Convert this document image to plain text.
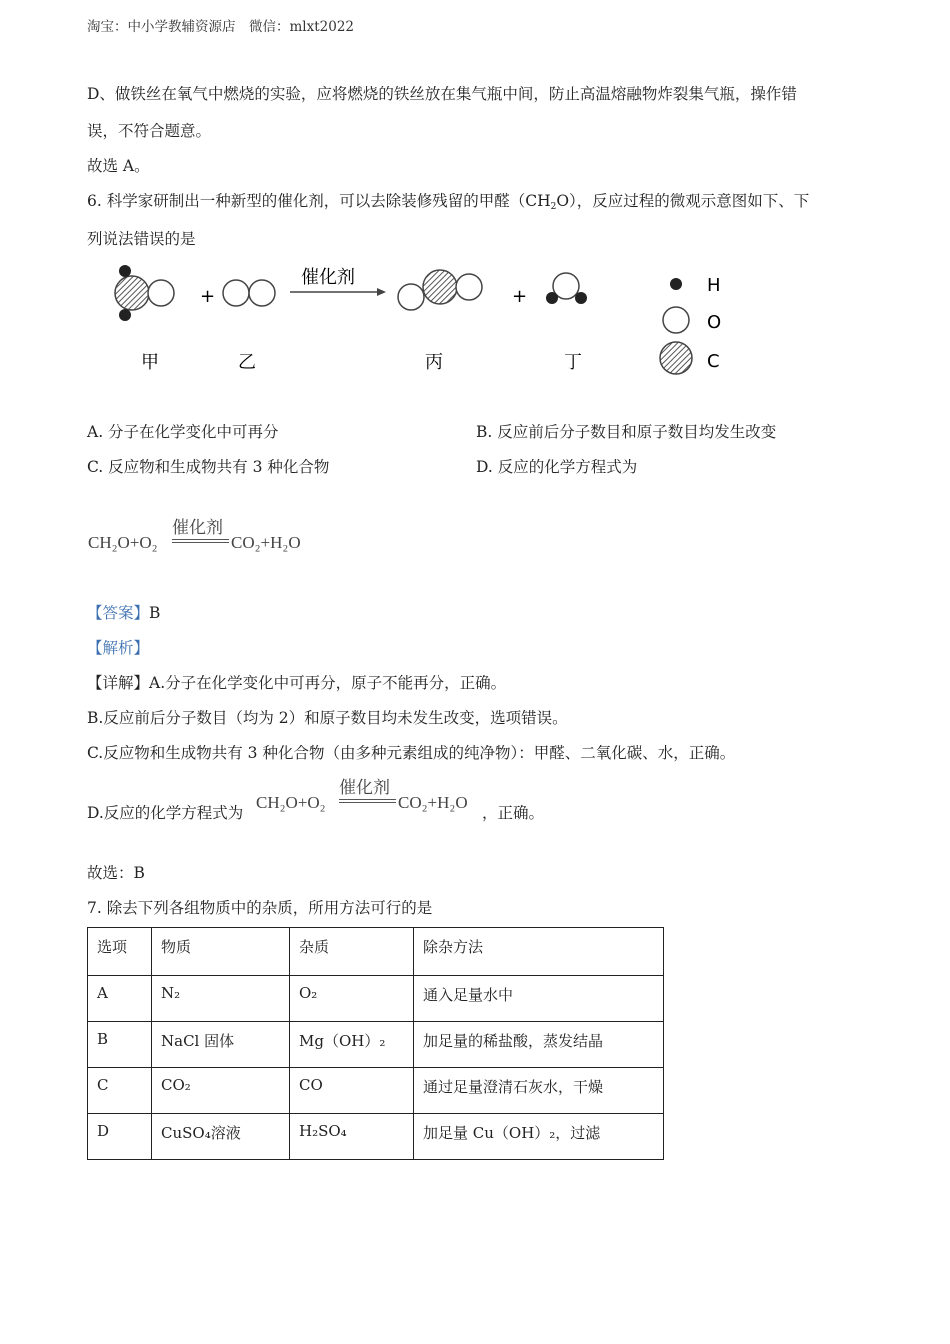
淘宝：中小学教辅资源店　微信：mlxt2022
D、做铁丝在氧气中燃烧的实验，应将燃烧的铁丝放在集气瓶中间，防止高温熔融物炸裂集气瓶，操作错
误，不符合题意。
故选 A。
6. 科学家研制出一种新型的催化剂，可以去除装修残留的甲醛$(CH_2O)$，反应过程的微观示意图如下、下
列说法错误的是
+
催化剂
+
甲	乙	丙	丁
H
O
C
A. 分子在化学变化中可再分	B. 反应前后分子数目和原子数目均发生改变
C. 反应物和生成物共有 3 种化合物	D. 反应的化学方程式为
CH₂O+O₂
催化剂
CO₂+H₂O
【答案】B
【解析】
【详解】A.分子在化学变化中可再分，原子不能再分，正确。
B.反应前后分子数目（均为 2）和原子数目均未发生改变，选项错误。
C.反应物和生成物共有 3 种化合物（由多种元素组成的纯净物）：甲醛、二氧化碳、水，正确。
D.反应的化学方程式为
CH₂O+O₂
催化剂
CO₂+H₂O
，正确。
故选：B
7. 除去下列各组物质中的杂质，所用方法可行的是
选项	物质	杂质	除杂方法
A	N₂	O₂	通入足量水中
B	NaCl 固体	Mg（OH）₂	加足量的稀盐酸，蒸发结晶
C	CO₂	CO	通过足量澄清石灰水，干燥
D	CuSO₄溶液	H₂SO₄	加足量 Cu（OH）₂，过滤
